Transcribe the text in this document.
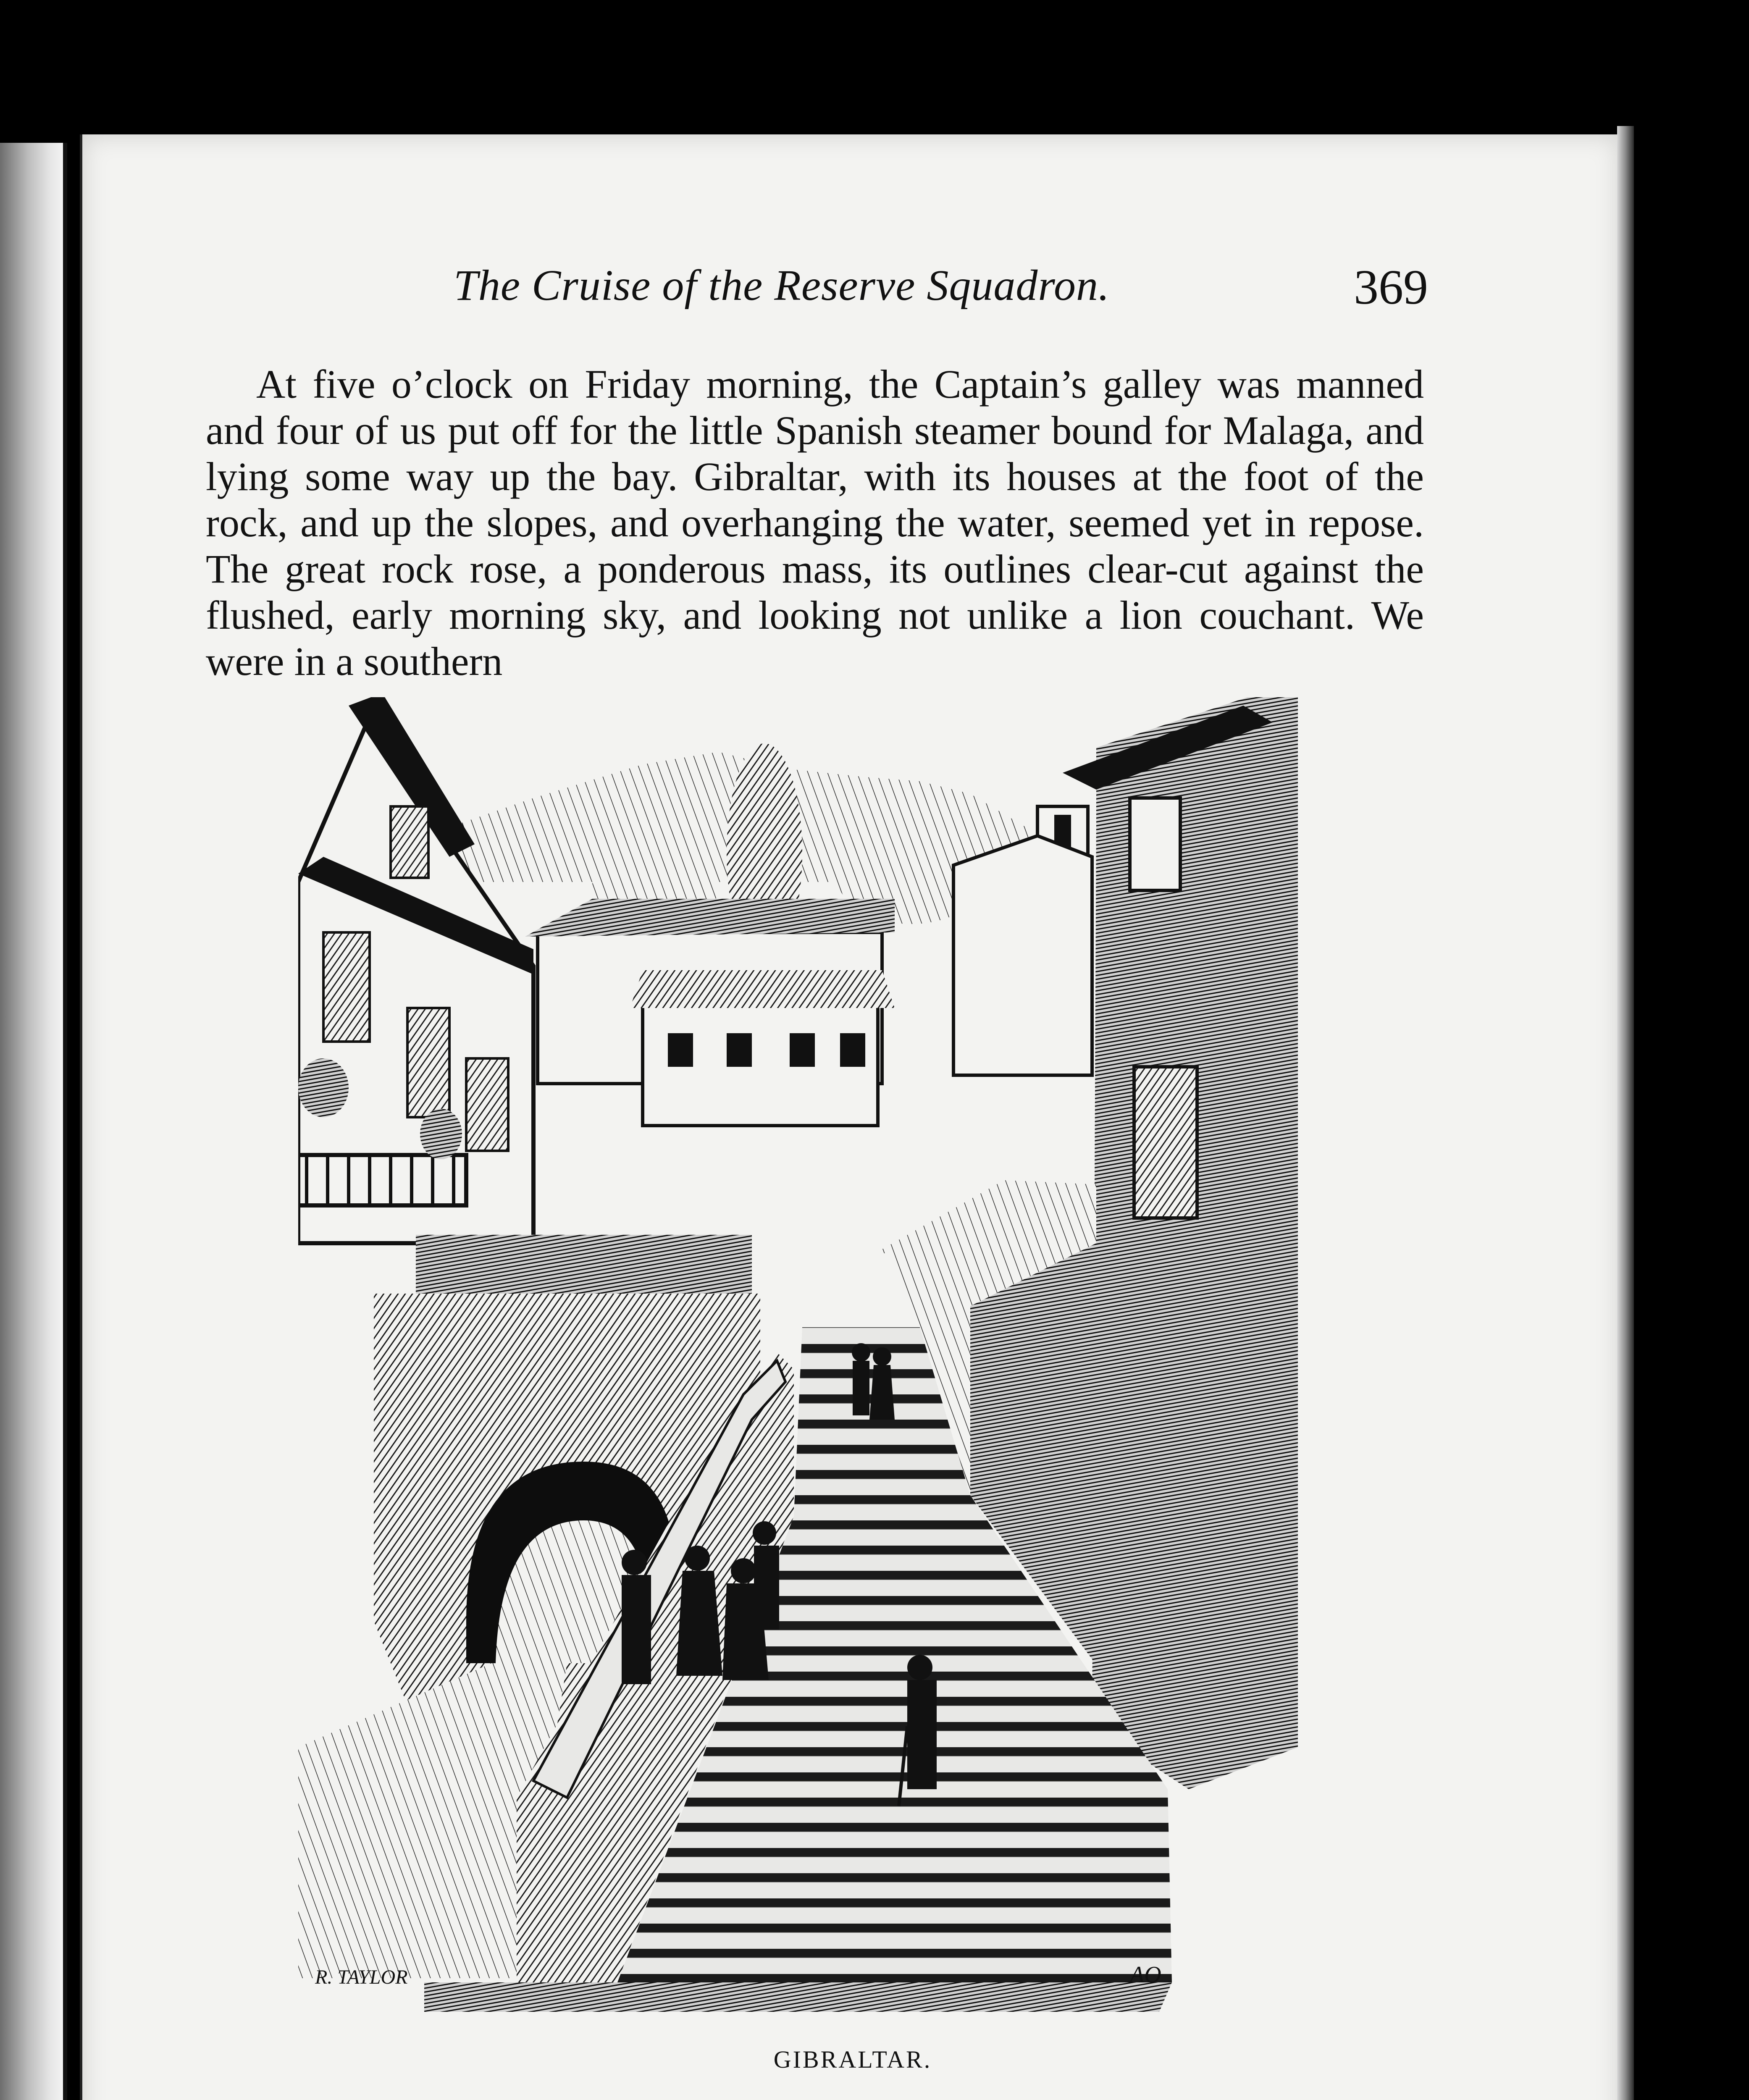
The Cruise of the Reserve Squadron.	369

At five o’clock on Friday morning, the Captain’s galley was manned and four of us put off for the little Spanish steamer bound for Malaga, and lying some way up the bay. Gibraltar, with its houses at the foot of the rock, and up the slopes, and overhanging the water, seemed yet in repose. The great rock rose, a ponderous mass, its outlines clear-cut against the flushed, early morning sky, and looking not unlike a lion couchant. We were in a southern

R. TAYLOR	AO
GIBRALTAR.
